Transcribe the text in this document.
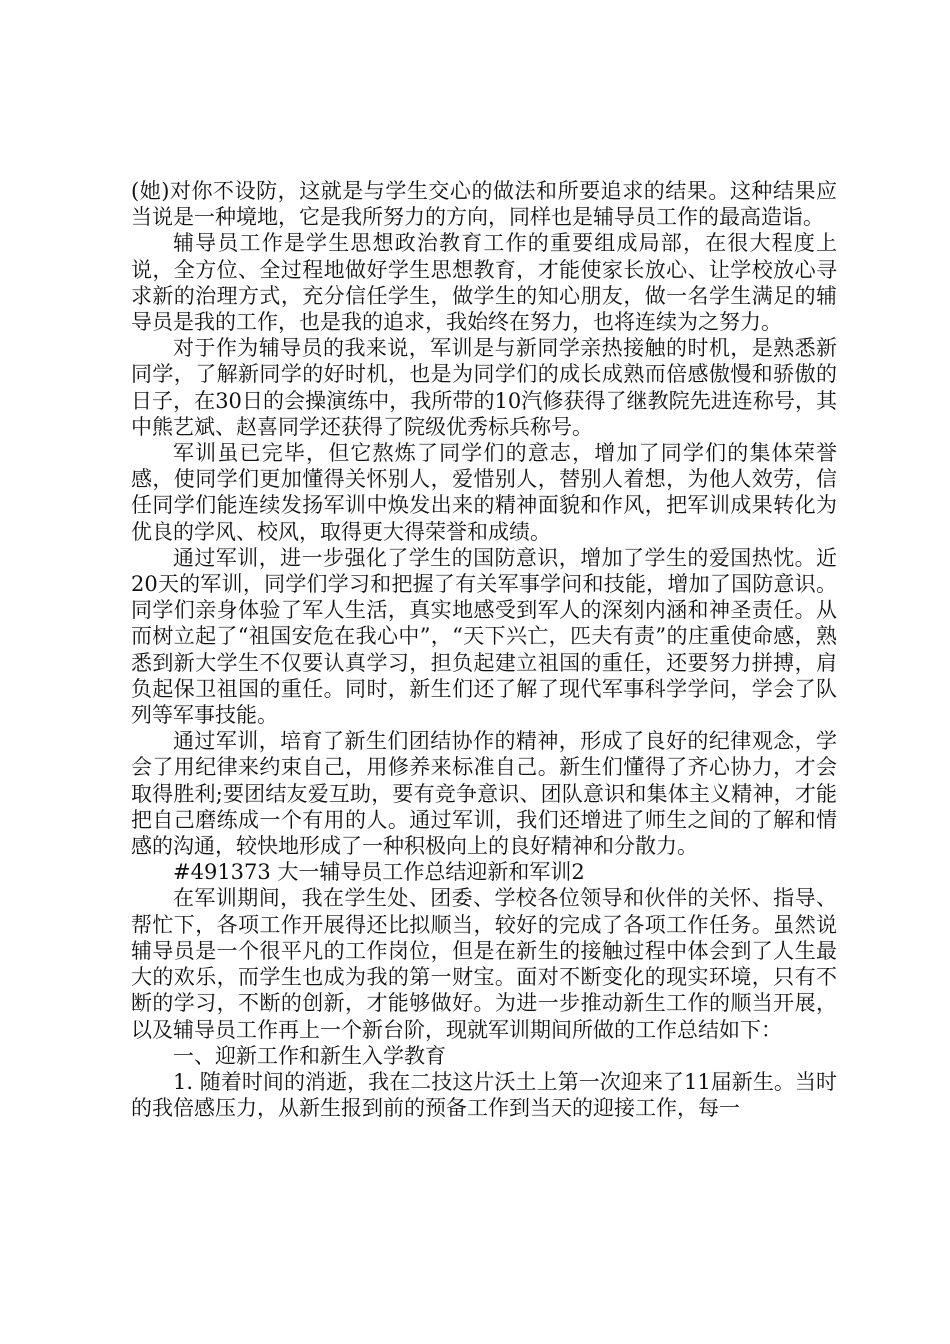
(她)对你不设防，这就是与学生交心的做法和所要追求的结果。这种结果应当说是一种境地，它是我所努力的方向，同样也是辅导员工作的最高造诣。

辅导员工作是学生思想政治教育工作的重要组成局部，在很大程度上说，全方位、全过程地做好学生思想教育，才能使家长放心、让学校放心寻求新的治理方式，充分信任学生，做学生的知心朋友，做一名学生满足的辅导员是我的工作，也是我的追求，我始终在努力，也将连续为之努力。

对于作为辅导员的我来说，军训是与新同学亲热接触的时机，是熟悉新同学，了解新同学的好时机，也是为同学们的成长成熟而倍感傲慢和骄傲的日子，在30日的会操演练中，我所带的10汽修获得了继教院先进连称号，其中熊艺斌、赵喜同学还获得了院级优秀标兵称号。

军训虽已完毕，但它熬炼了同学们的意志，增加了同学们的集体荣誉感，使同学们更加懂得关怀别人，爱惜别人，替别人着想，为他人效劳，信任同学们能连续发扬军训中焕发出来的精神面貌和作风，把军训成果转化为优良的学风、校风，取得更大得荣誉和成绩。

通过军训，进一步强化了学生的国防意识，增加了学生的爱国热忱。近20天的军训，同学们学习和把握了有关军事学问和技能，增加了国防意识。同学们亲身体验了军人生活，真实地感受到军人的深刻内涵和神圣责任。从而树立起了“祖国安危在我心中”，“天下兴亡，匹夫有责”的庄重使命感，熟悉到新大学生不仅要认真学习，担负起建立祖国的重任，还要努力拼搏，肩负起保卫祖国的重任。同时，新生们还了解了现代军事科学学问，学会了队列等军事技能。

通过军训，培育了新生们团结协作的精神，形成了良好的纪律观念，学会了用纪律来约束自己，用修养来标准自己。新生们懂得了齐心协力，才会取得胜利;要团结友爱互助，要有竞争意识、团队意识和集体主义精神，才能把自己磨练成一个有用的人。通过军训，我们还增进了师生之间的了解和情感的沟通，较快地形成了一种积极向上的良好精神和分散力。

#491373 大一辅导员工作总结迎新和军训2

在军训期间，我在学生处、团委、学校各位领导和伙伴的关怀、指导、帮忙下，各项工作开展得还比拟顺当，较好的完成了各项工作任务。虽然说辅导员是一个很平凡的工作岗位，但是在新生的接触过程中体会到了人生最大的欢乐，而学生也成为我的第一财宝。面对不断变化的现实环境，只有不断的学习，不断的创新，才能够做好。为进一步推动新生工作的顺当开展，以及辅导员工作再上一个新台阶，现就军训期间所做的工作总结如下：

一、迎新工作和新生入学教育

1. 随着时间的消逝，我在二技这片沃土上第一次迎来了11届新生。当时的我倍感压力，从新生报到前的预备工作到当天的迎接工作，每一
